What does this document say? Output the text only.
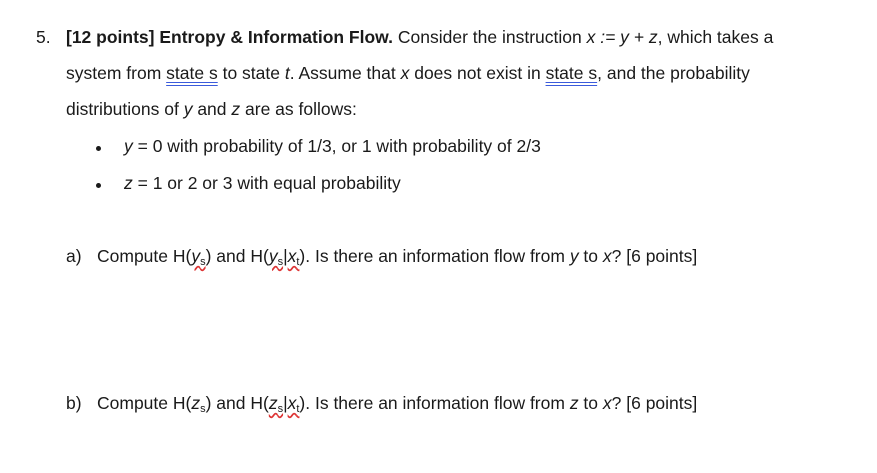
5. [12 points] Entropy & Information Flow. Consider the instruction x := y + z, which takes a
system from state s to state t. Assume that x does not exist in state s, and the probability
distributions of y and z are as follows:
y = 0 with probability of 1/3, or 1 with probability of 2/3
z = 1 or 2 or 3 with equal probability
a) Compute $H(y_s)$ and $H(y_s|x_t)$. Is there an information flow from y to x? [6 points]
b) Compute $H(z_s)$ and $H(z_s|x_t)$. Is there an information flow from z to x? [6 points]
